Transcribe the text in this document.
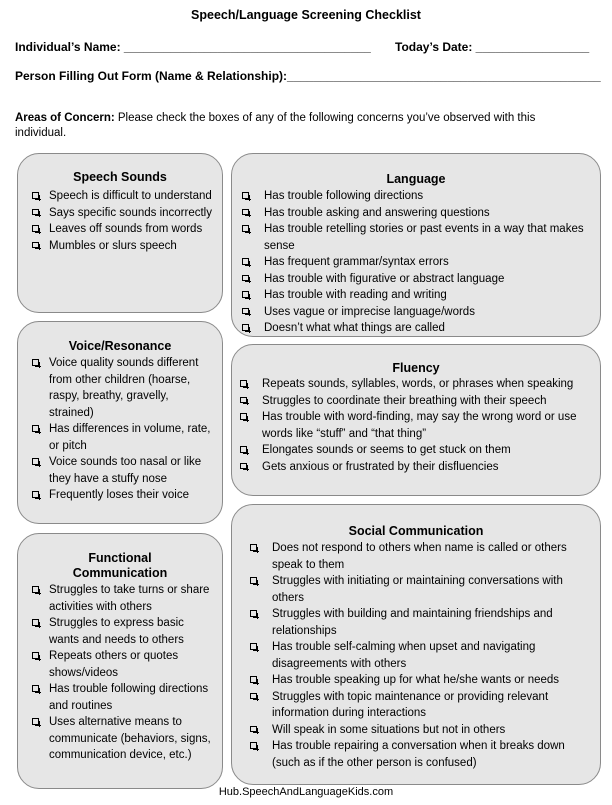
Speech/Language Screening Checklist
Individual’s Name: _____________________________________ Today’s Date: _________________
Person Filling Out Form (Name & Relationship):_______________________________________________
Areas of Concern: Please check the boxes of any of the following concerns you’ve observed with this individual.
Speech Sounds
Speech is difficult to understand
Says specific sounds incorrectly
Leaves off sounds from words
Mumbles or slurs speech
Voice/Resonance
Voice quality sounds different from other children (hoarse, raspy, breathy, gravelly, strained)
Has differences in volume, rate, or pitch
Voice sounds too nasal or like they have a stuffy nose
Frequently loses their voice
Functional Communication
Struggles to take turns or share activities with others
Struggles to express basic wants and needs to others
Repeats others or quotes shows/videos
Has trouble following directions and routines
Uses alternative means to communicate (behaviors, signs, communication device, etc.)
Language
Has trouble following directions
Has trouble asking and answering questions
Has trouble retelling stories or past events in a way that makes sense
Has frequent grammar/syntax errors
Has trouble with figurative or abstract language
Has trouble with reading and writing
Uses vague or imprecise language/words
Doesn’t what what things are called
Fluency
Repeats sounds, syllables, words, or phrases when speaking
Struggles to coordinate their breathing with their speech
Has trouble with word-finding, may say the wrong word or use words like “stuff” and “that thing”
Elongates sounds or seems to get stuck on them
Gets anxious or frustrated by their disfluencies
Social Communication
Does not respond to others when name is called or others speak to them
Struggles with initiating or maintaining conversations with others
Struggles with building and maintaining friendships and relationships
Has trouble self-calming when upset and navigating disagreements with others
Has trouble speaking up for what he/she wants or needs
Struggles with topic maintenance or providing relevant information during interactions
Will speak in some situations but not in others
Has trouble repairing a conversation when it breaks down (such as if the other person is confused)
Hub.SpeechAndLanguageKids.com
